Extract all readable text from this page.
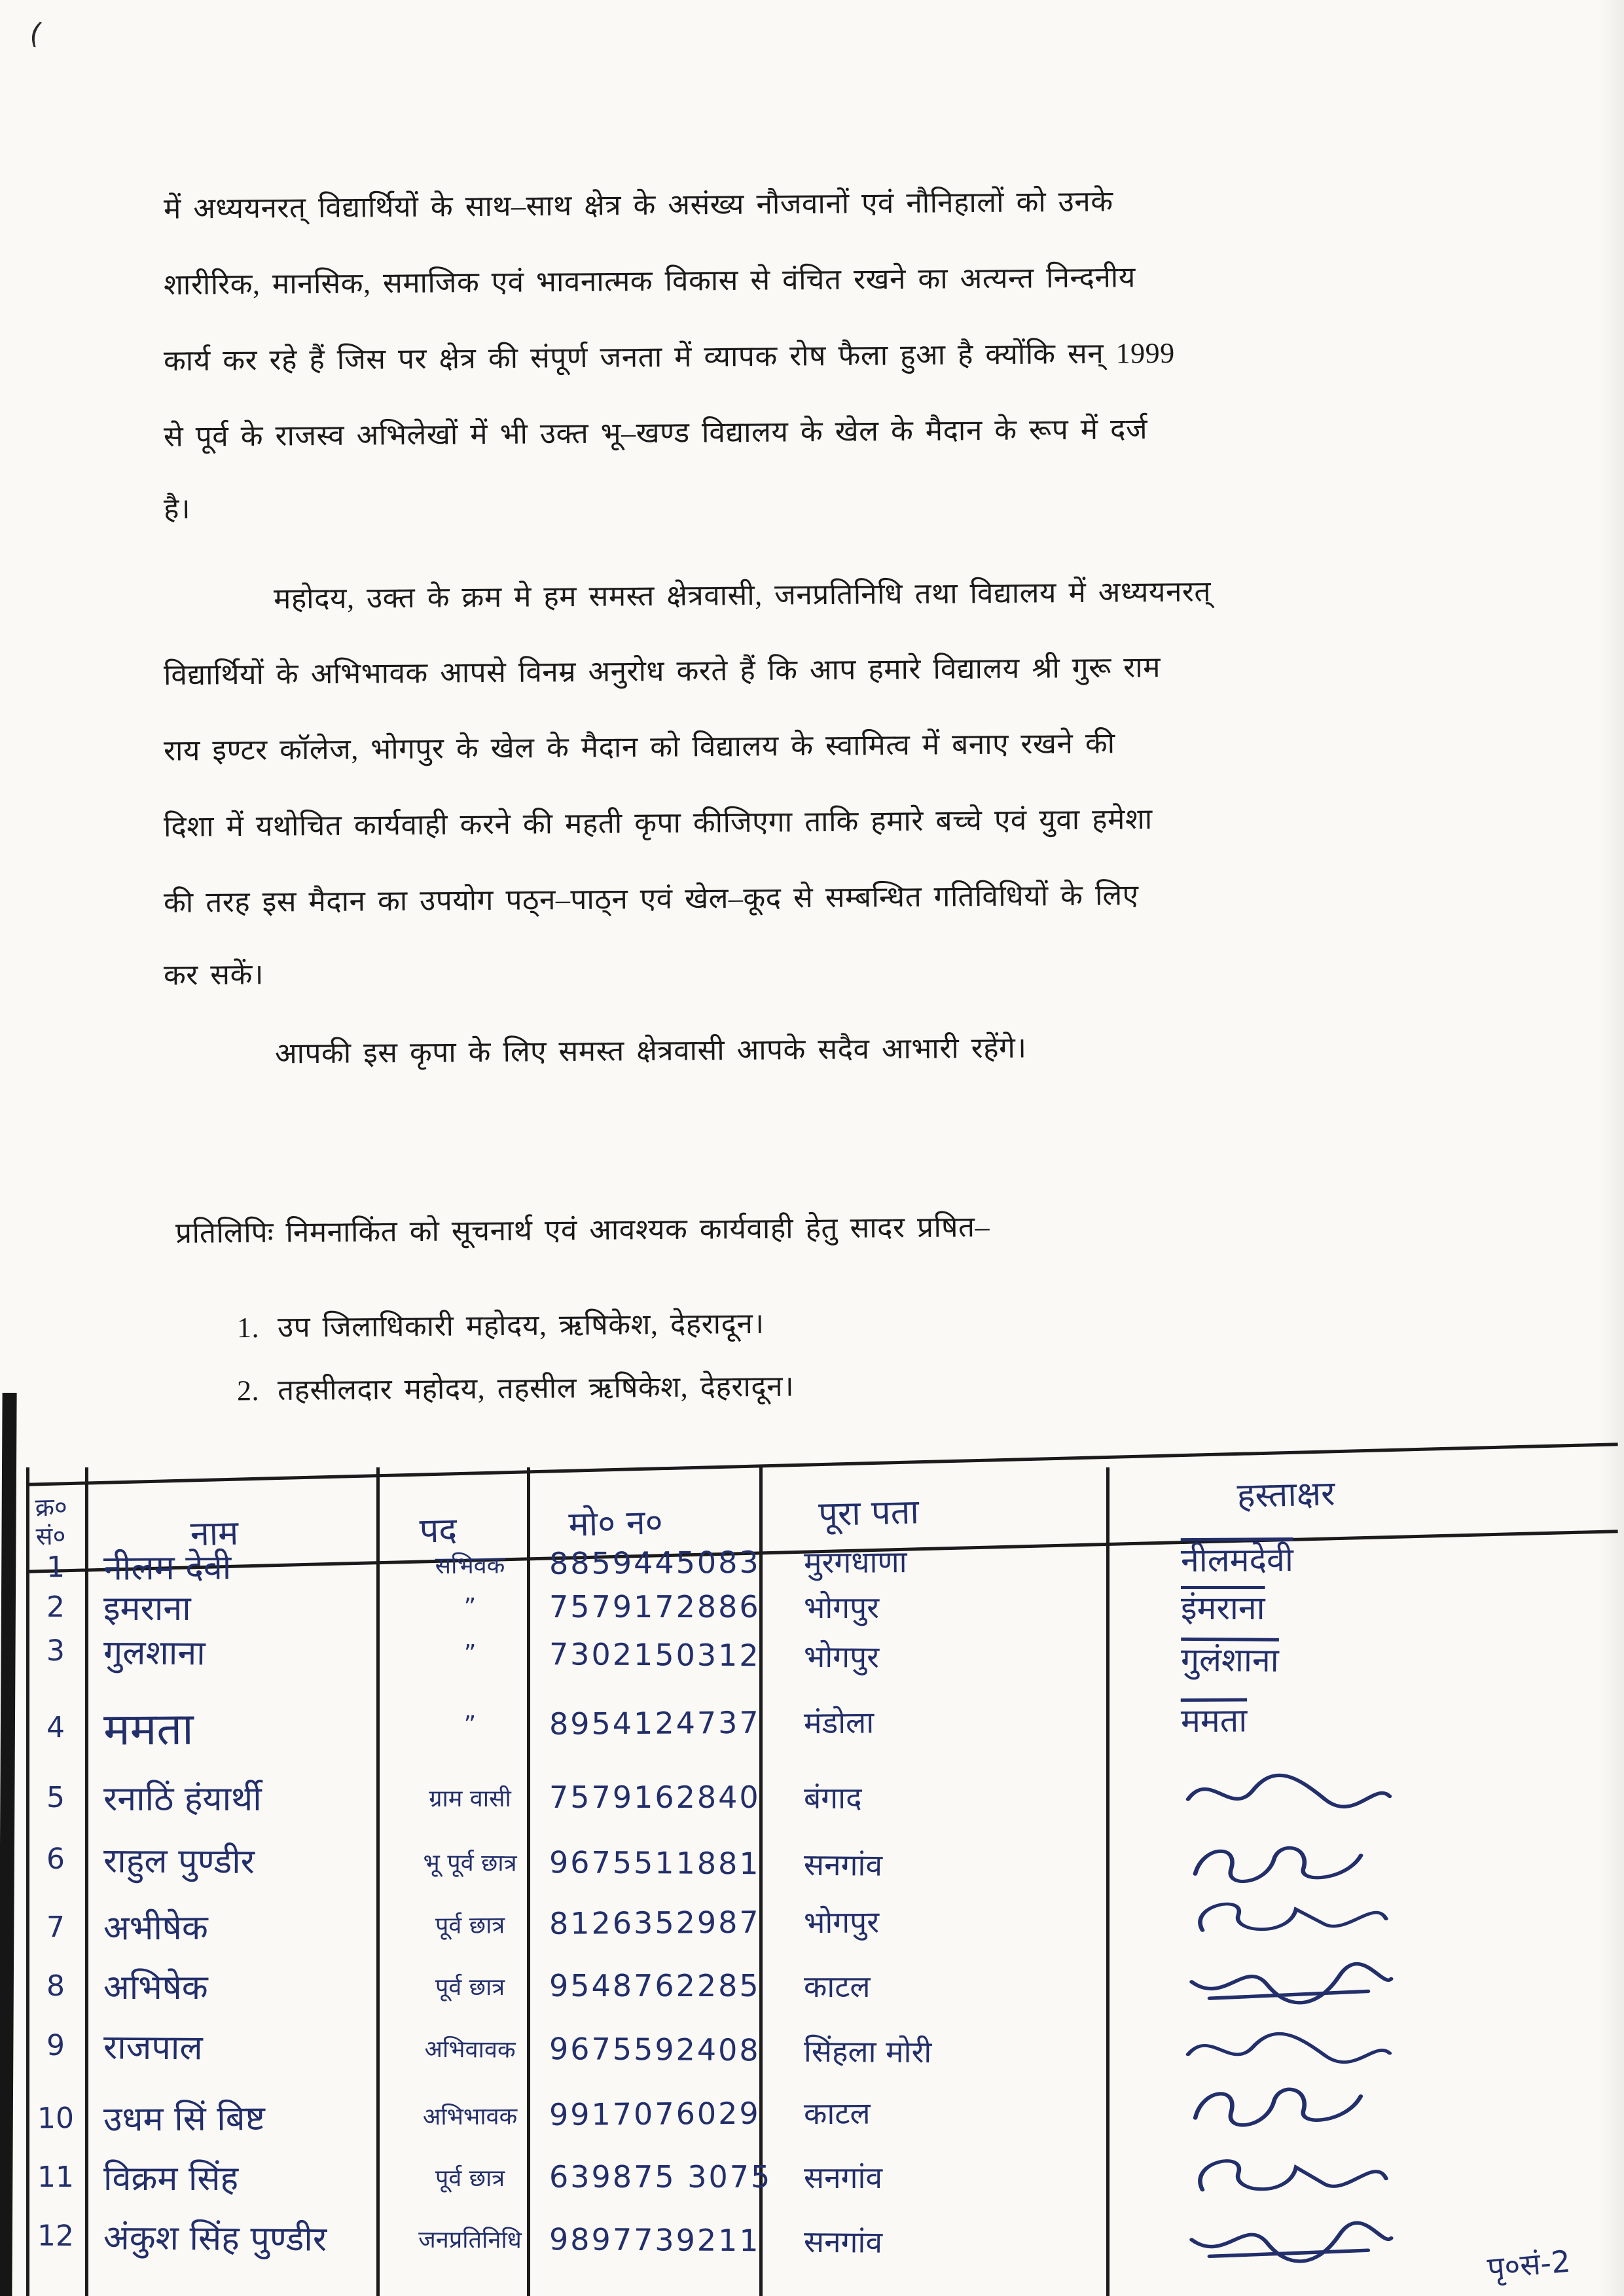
(
में अध्ययनरत् विद्यार्थियों के साथ–साथ क्षेत्र के असंख्य नौजवानों एवं नौनिहालों को उनके
शारीरिक, मानसिक, समाजिक एवं भावनात्मक विकास से वंचित रखने का अत्यन्त निन्दनीय
कार्य कर रहे हैं जिस पर क्षेत्र की संपूर्ण जनता में व्यापक रोष फैला हुआ है क्योंकि सन् 1999
से पूर्व के राजस्व अभिलेखों में भी उक्त भू–खण्ड विद्यालय के खेल के मैदान के रूप में दर्ज
है।
महोदय, उक्त के क्रम मे हम समस्त क्षेत्रवासी, जनप्रतिनिधि तथा विद्यालय में अध्ययनरत्
विद्यार्थियों के अभिभावक आपसे विनम्र अनुरोध करते हैं कि आप हमारे विद्यालय श्री गुरू राम
राय इण्टर कॉलेज, भोगपुर के खेल के मैदान को विद्यालय के स्वामित्व में बनाए रखने की
दिशा में यथोचित कार्यवाही करने की महती कृपा कीजिएगा ताकि हमारे बच्चे एवं युवा हमेशा
की तरह इस मैदान का उपयोग पठ्न–पाठ्न एवं खेल–कूद से सम्बन्धित गतिविधियों के लिए
कर सकें।
आपकी इस कृपा के लिए समस्त क्षेत्रवासी आपके सदैव आभारी रहेंगे।
प्रतिलिपिः निमनाकिंत को सूचनार्थ एवं आवश्यक कार्यवाही हेतु सादर प्रषित–
1. उप जिलाधिकारी महोदय, ऋषिकेश, देहरादून।
2. तहसीलदार महोदय, तहसील ऋषिकेश, देहरादून।
क्र०
सं०	नाम	पद	मो० न०	पूरा पता	हस्ताक्षर
1	नीलम देवी	सभिवक	8859445083	मुरगधाणा	नीलमदेवी
2	इमराना	”	7579172886	भोगपुर	इंमराना
3	गुलशाना	”	7302150312	भोगपुर	गुलंशाना
4 ममता	”	8954124737	मंडोला	ममता
5	रनाठिं हंयार्थी	ग्राम वासी	7579162840	बंगाद
6	राहुल पुण्डीर	भू पूर्व छात्र	9675511881	सनगांव
7	अभीषेक	पूर्व छात्र	8126352987	भोगपुर
8	अभिषेक	पूर्व छात्र	9548762285	काटल
9	राजपाल	अभिवावक	9675592408	सिंहला मोरी
10 उधम सिं बिष्ट	अभिभावक	9917076029	काटल
11 विक्रम सिंह	पूर्व छात्र	639875 3075	सनगांव
12 अंकुश सिंह पुण्डीर	जनप्रतिनिधि 9897739211	सनगांव
पृ०सं-2
